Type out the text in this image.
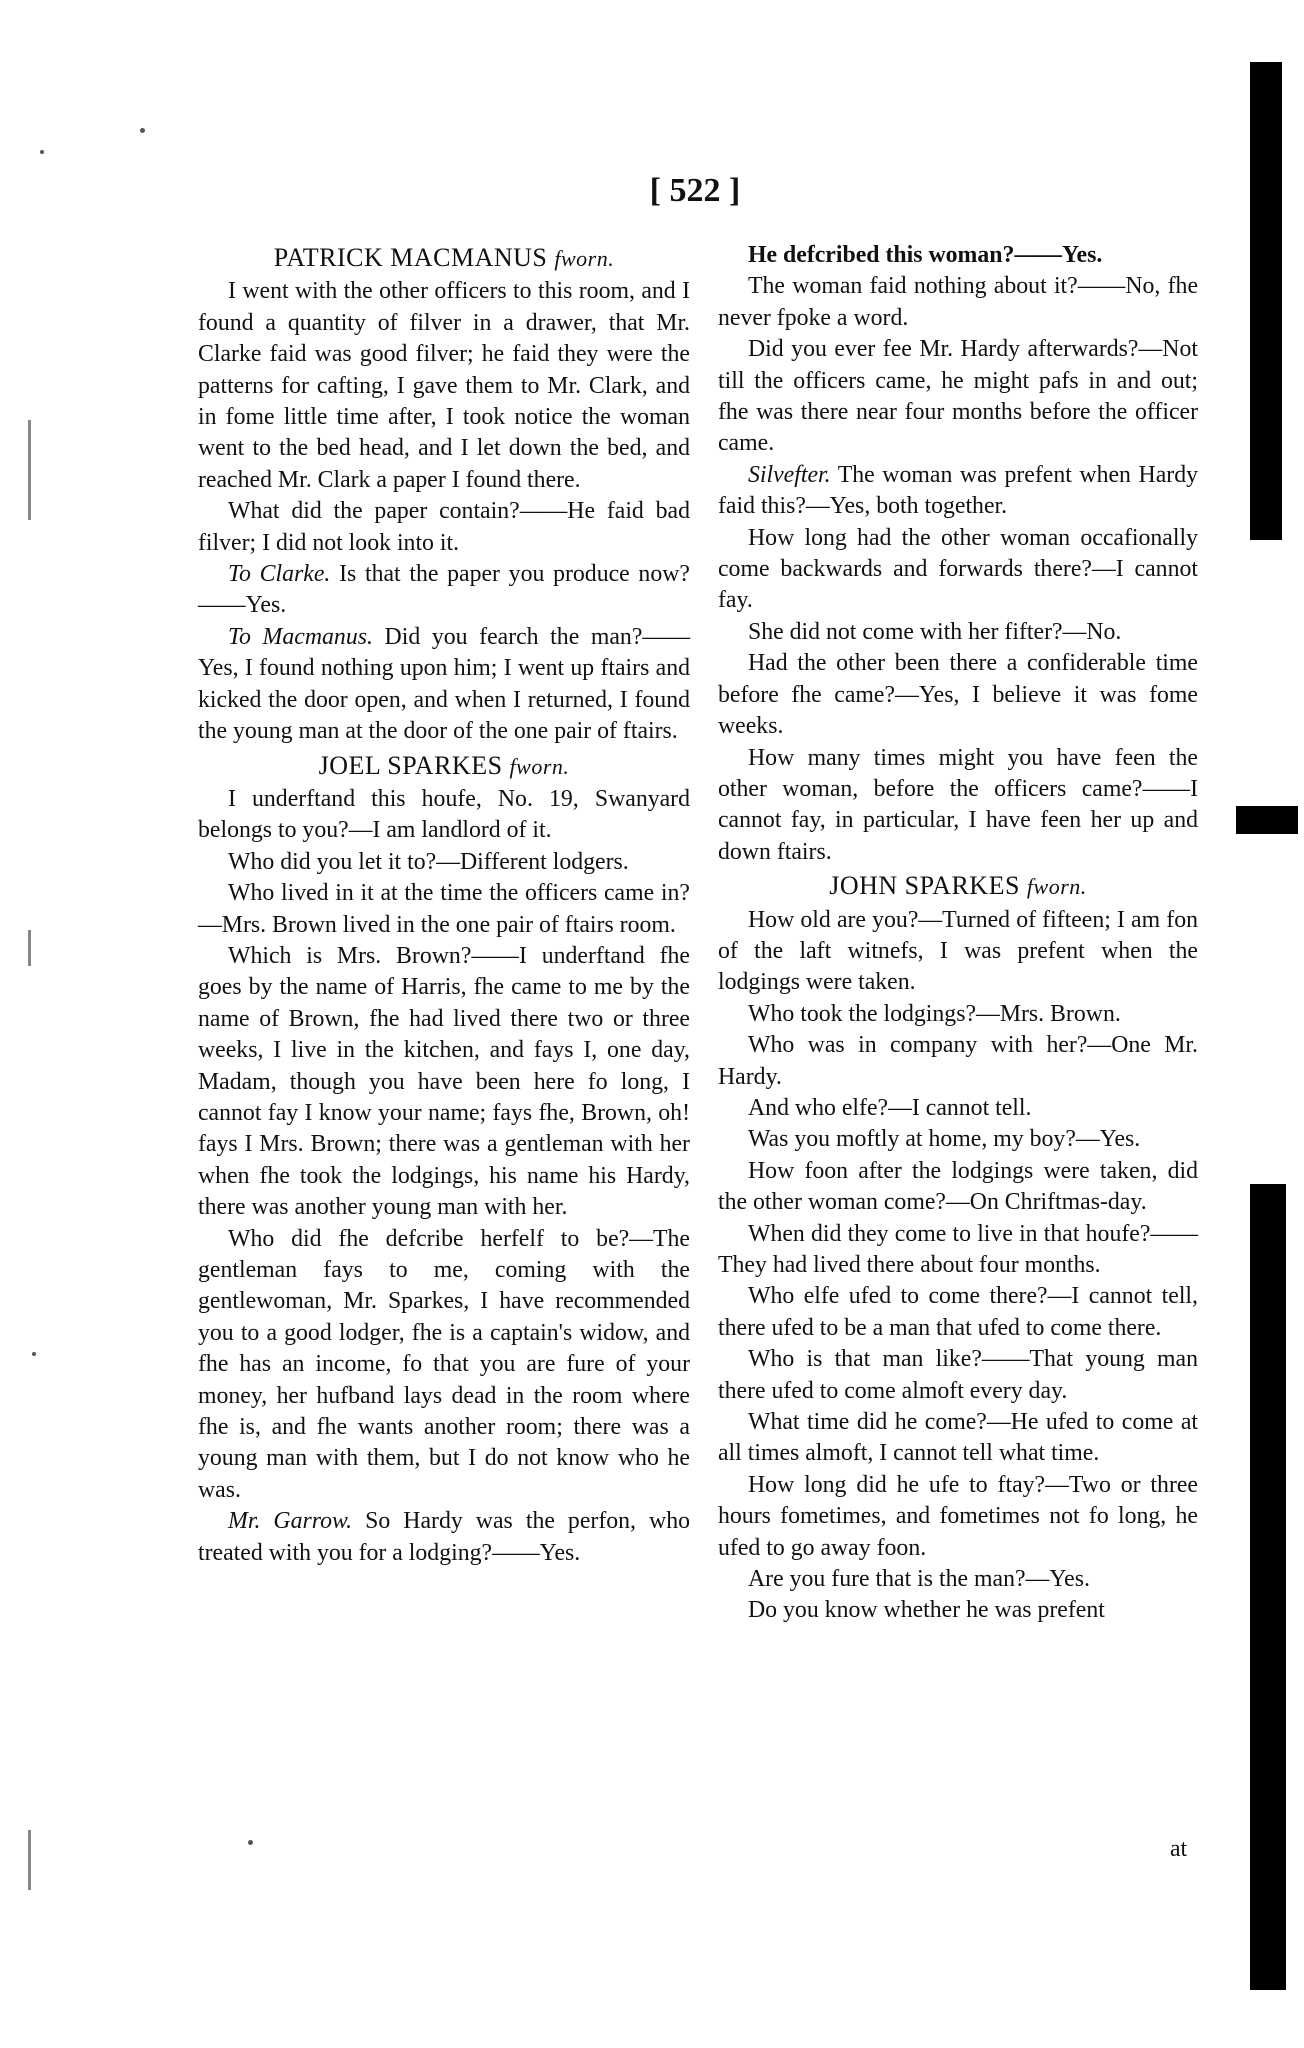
[ 522 ]

PATRICK MACMANUS fworn.

I went with the other officers to this room, and I found a quantity of filver in a drawer, that Mr. Clarke faid was good filver; he faid they were the patterns for cafting, I gave them to Mr. Clark, and in fome little time after, I took notice the woman went to the bed head, and I let down the bed, and reached Mr. Clark a paper I found there.

What did the paper contain?——He faid bad filver; I did not look into it.

To Clarke. Is that the paper you produce now?——Yes.

To Macmanus. Did you fearch the man?——Yes, I found nothing upon him; I went up ftairs and kicked the door open, and when I returned, I found the young man at the door of the one pair of ftairs.

JOEL SPARKES fworn.

I underftand this houfe, No. 19, Swanyard belongs to you?—I am landlord of it.

Who did you let it to?—Different lodgers.

Who lived in it at the time the officers came in?—Mrs. Brown lived in the one pair of ftairs room.

Which is Mrs. Brown?——I underftand fhe goes by the name of Harris, fhe came to me by the name of Brown, fhe had lived there two or three weeks, I live in the kitchen, and fays I, one day, Madam, though you have been here fo long, I cannot fay I know your name; fays fhe, Brown, oh! fays I Mrs. Brown; there was a gentleman with her when fhe took the lodgings, his name his Hardy, there was another young man with her.

Who did fhe defcribe herfelf to be?—The gentleman fays to me, coming with the gentlewoman, Mr. Sparkes, I have recommended you to a good lodger, fhe is a captain's widow, and fhe has an income, fo that you are fure of your money, her hufband lays dead in the room where fhe is, and fhe wants another room; there was a young man with them, but I do not know who he was.

Mr. Garrow. So Hardy was the perfon, who treated with you for a lodging?——Yes.

He defcribed this woman?——Yes.

The woman faid nothing about it?——No, fhe never fpoke a word.

Did you ever fee Mr. Hardy afterwards?—Not till the officers came, he might pafs in and out; fhe was there near four months before the officer came.

Silvefter. The woman was prefent when Hardy faid this?—Yes, both together.

How long had the other woman occafionally come backwards and forwards there?—I cannot fay.

She did not come with her fifter?—No.

Had the other been there a confiderable time before fhe came?—Yes, I believe it was fome weeks.

How many times might you have feen the other woman, before the officers came?——I cannot fay, in particular, I have feen her up and down ftairs.

JOHN SPARKES fworn.

How old are you?—Turned of fifteen; I am fon of the laft witnefs, I was prefent when the lodgings were taken.

Who took the lodgings?—Mrs. Brown.

Who was in company with her?—One Mr. Hardy.

And who elfe?—I cannot tell.

Was you moftly at home, my boy?—Yes.

How foon after the lodgings were taken, did the other woman come?—On Chriftmas-day.

When did they come to live in that houfe?——They had lived there about four months.

Who elfe ufed to come there?—I cannot tell, there ufed to be a man that ufed to come there.

Who is that man like?——That young man there ufed to come almoft every day.

What time did he come?—He ufed to come at all times almoft, I cannot tell what time.

How long did he ufe to ftay?—Two or three hours fometimes, and fometimes not fo long, he ufed to go away foon.

Are you fure that is the man?—Yes.

Do you know whether he was prefent

at
